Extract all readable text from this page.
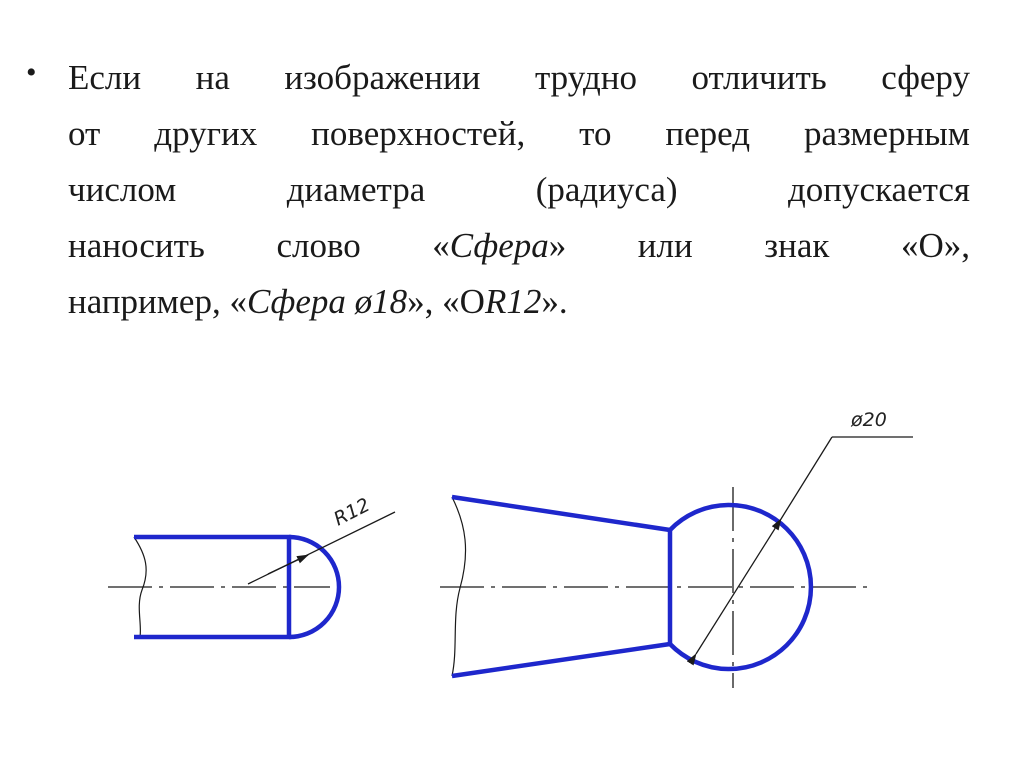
• Если на изображении трудно отличить сферу
от других поверхностей, то перед размерным
числом	диаметра	(радиуса)	допускается
наносить слово «Сфера» или знак «О»,
например, «Сфера ø18», «ОR12».
R12
ø20
